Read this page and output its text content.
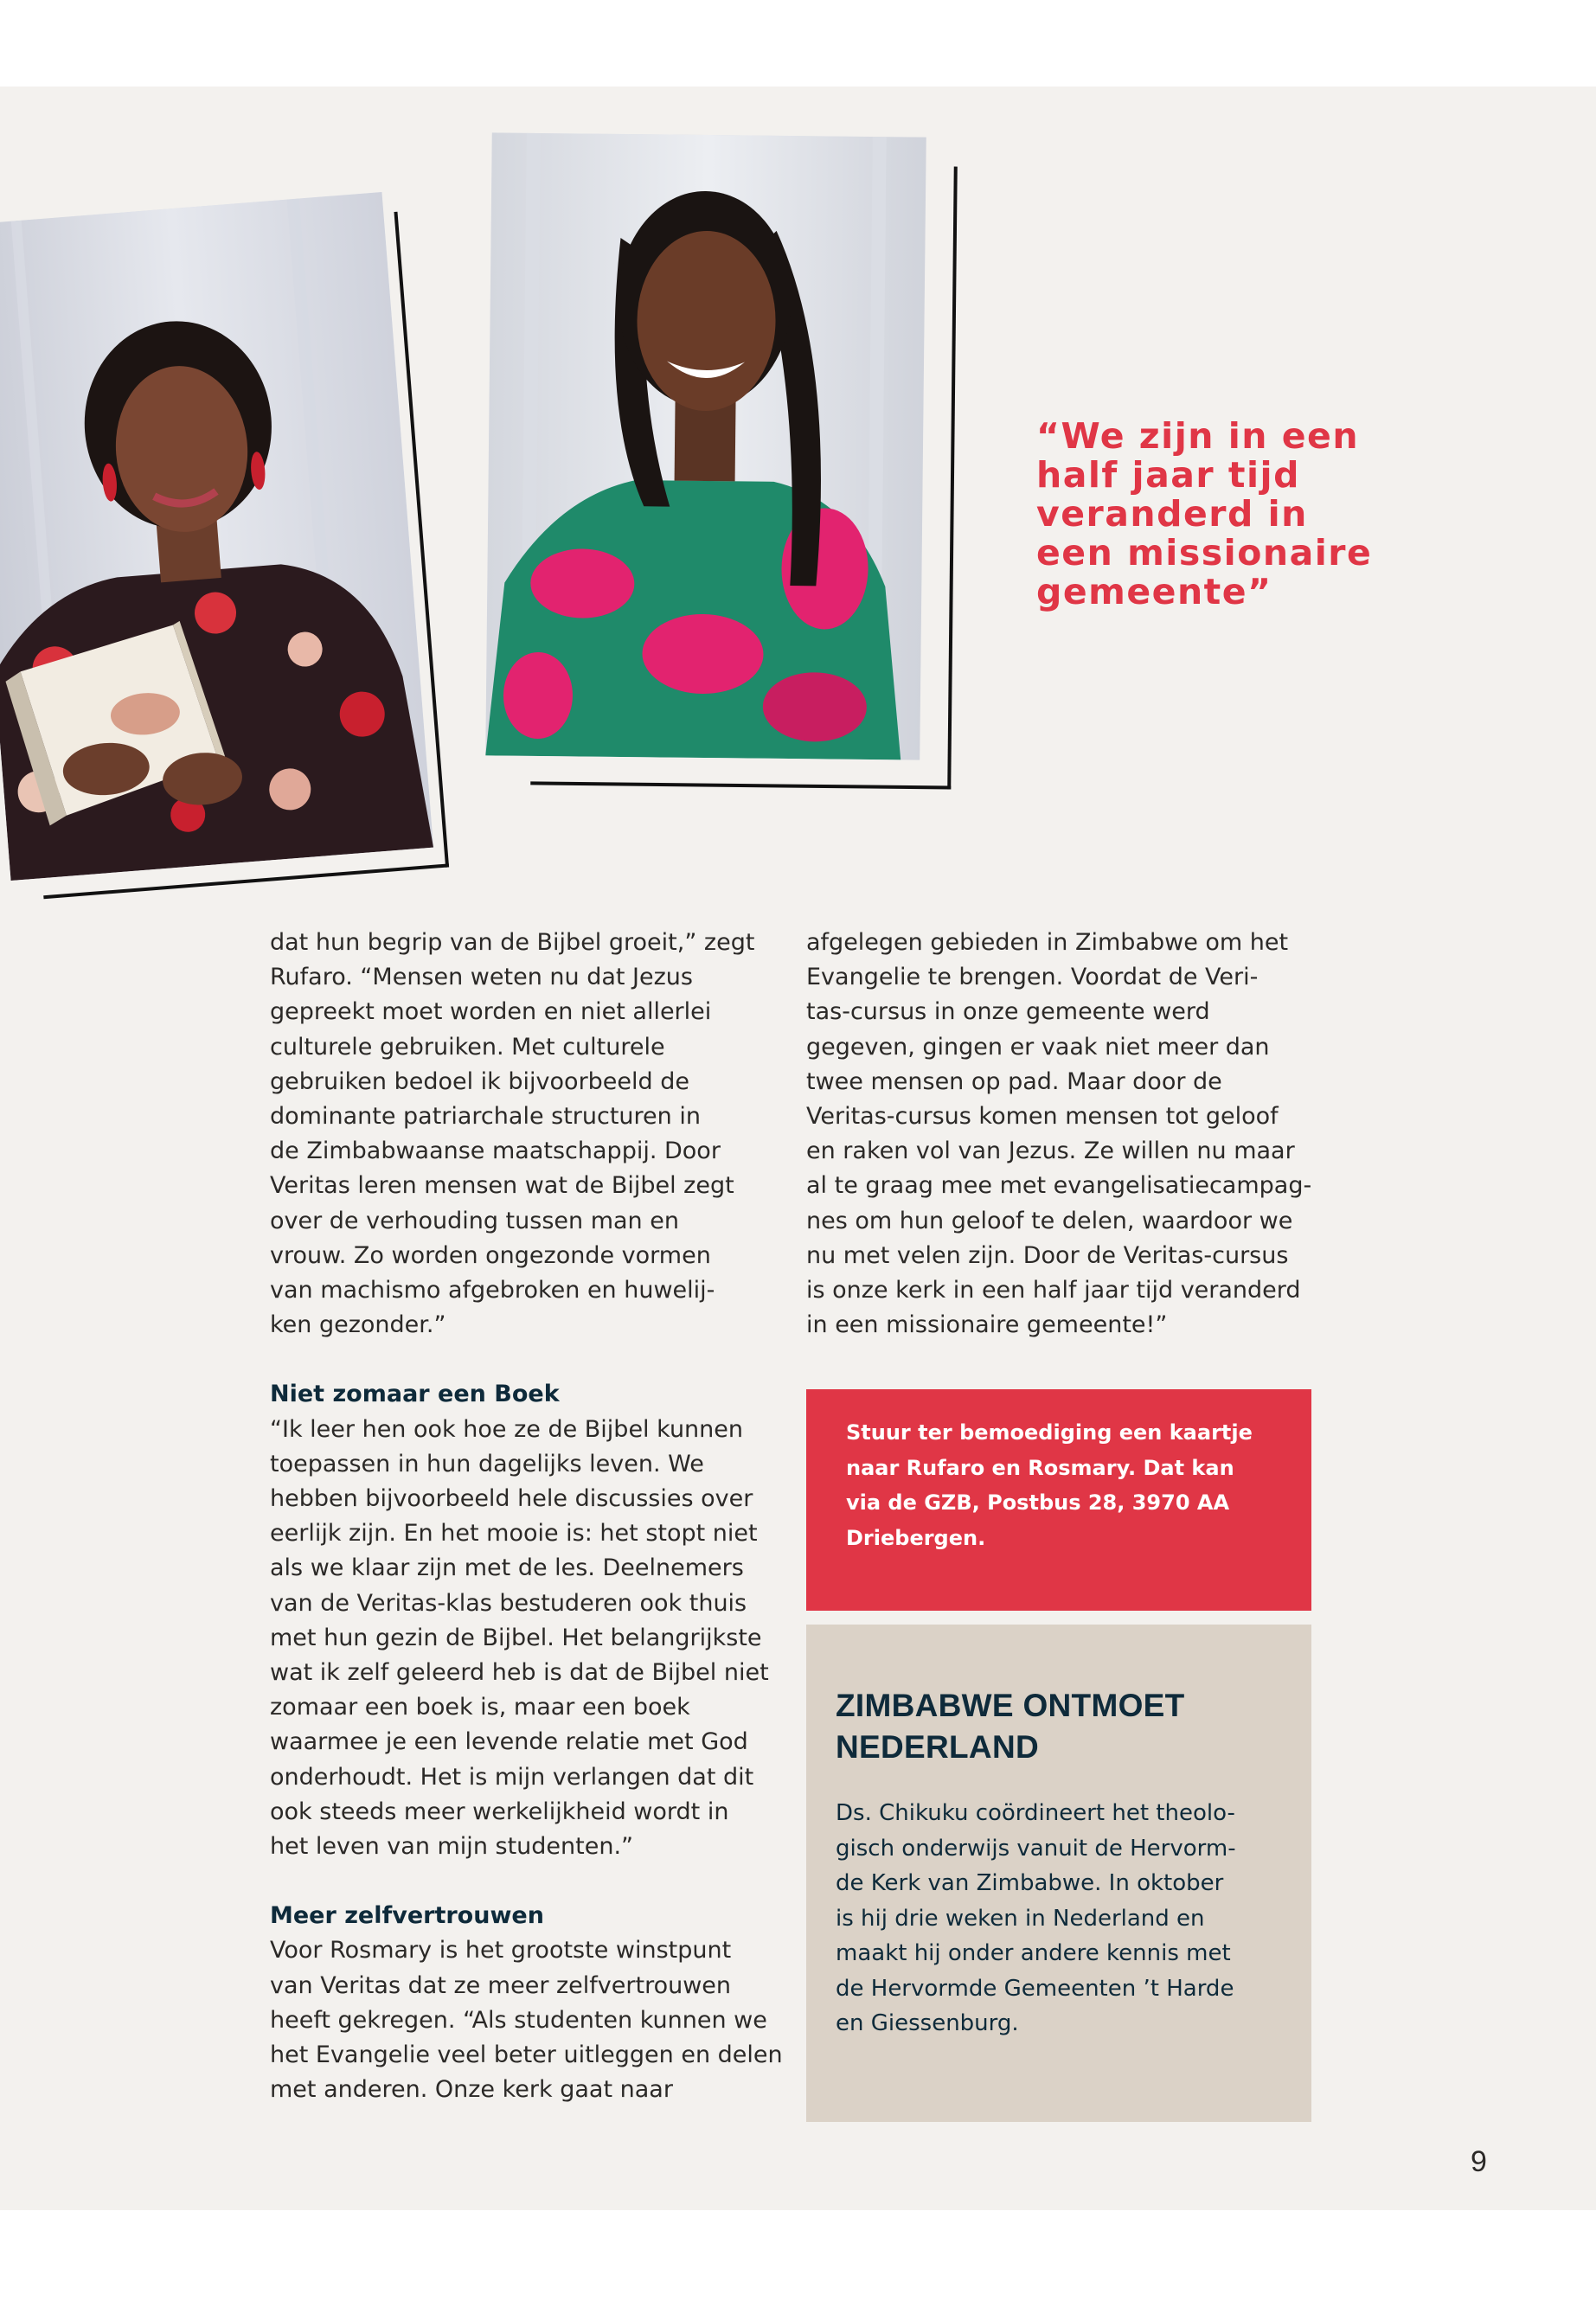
“We zijn in een
half jaar tijd
veranderd in
een missionaire
gemeente”

dat hun begrip van de Bijbel groeit,” zegt
Rufaro. “Mensen weten nu dat Jezus
gepreekt moet worden en niet allerlei
culturele gebruiken. Met culturele
gebruiken bedoel ik bijvoorbeeld de
dominante patriarchale structuren in
de Zimbabwaanse maatschappij. Door
Veritas leren mensen wat de Bijbel zegt
over de verhouding tussen man en
vrouw. Zo worden ongezonde vormen
van machismo afgebroken en huwelij-
ken gezonder.”

Niet zomaar een Boek

“Ik leer hen ook hoe ze de Bijbel kunnen
toepassen in hun dagelijks leven. We
hebben bijvoorbeeld hele discussies over
eerlijk zijn. En het mooie is: het stopt niet
als we klaar zijn met de les. Deelnemers
van de Veritas-klas bestuderen ook thuis
met hun gezin de Bijbel. Het belangrijkste
wat ik zelf geleerd heb is dat de Bijbel niet
zomaar een boek is, maar een boek
waarmee je een levende relatie met God
onderhoudt. Het is mijn verlangen dat dit
ook steeds meer werkelijkheid wordt in
het leven van mijn studenten.”

Meer zelfvertrouwen

Voor Rosmary is het grootste winstpunt
van Veritas dat ze meer zelfvertrouwen
heeft gekregen. “Als studenten kunnen we
het Evangelie veel beter uitleggen en delen
met anderen. Onze kerk gaat naar

afgelegen gebieden in Zimbabwe om het
Evangelie te brengen. Voordat de Veri-
tas-cursus in onze gemeente werd
gegeven, gingen er vaak niet meer dan
twee mensen op pad. Maar door de
Veritas-cursus komen mensen tot geloof
en raken vol van Jezus. Ze willen nu maar
al te graag mee met evangelisatiecampag-
nes om hun geloof te delen, waardoor we
nu met velen zijn. Door de Veritas-cursus
is onze kerk in een half jaar tijd veranderd
in een missionaire gemeente!”

Stuur ter bemoediging een kaartje
naar Rufaro en Rosmary. Dat kan
via de GZB, Postbus 28, 3970 AA
Driebergen.

ZIMBABWE ONTMOET
NEDERLAND

Ds. Chikuku coördineert het theolo-
gisch onderwijs vanuit de Hervorm-
de Kerk van Zimbabwe. In oktober
is hij drie weken in Nederland en
maakt hij onder andere kennis met
de Hervormde Gemeenten ’t Harde
en Giessenburg.

9
